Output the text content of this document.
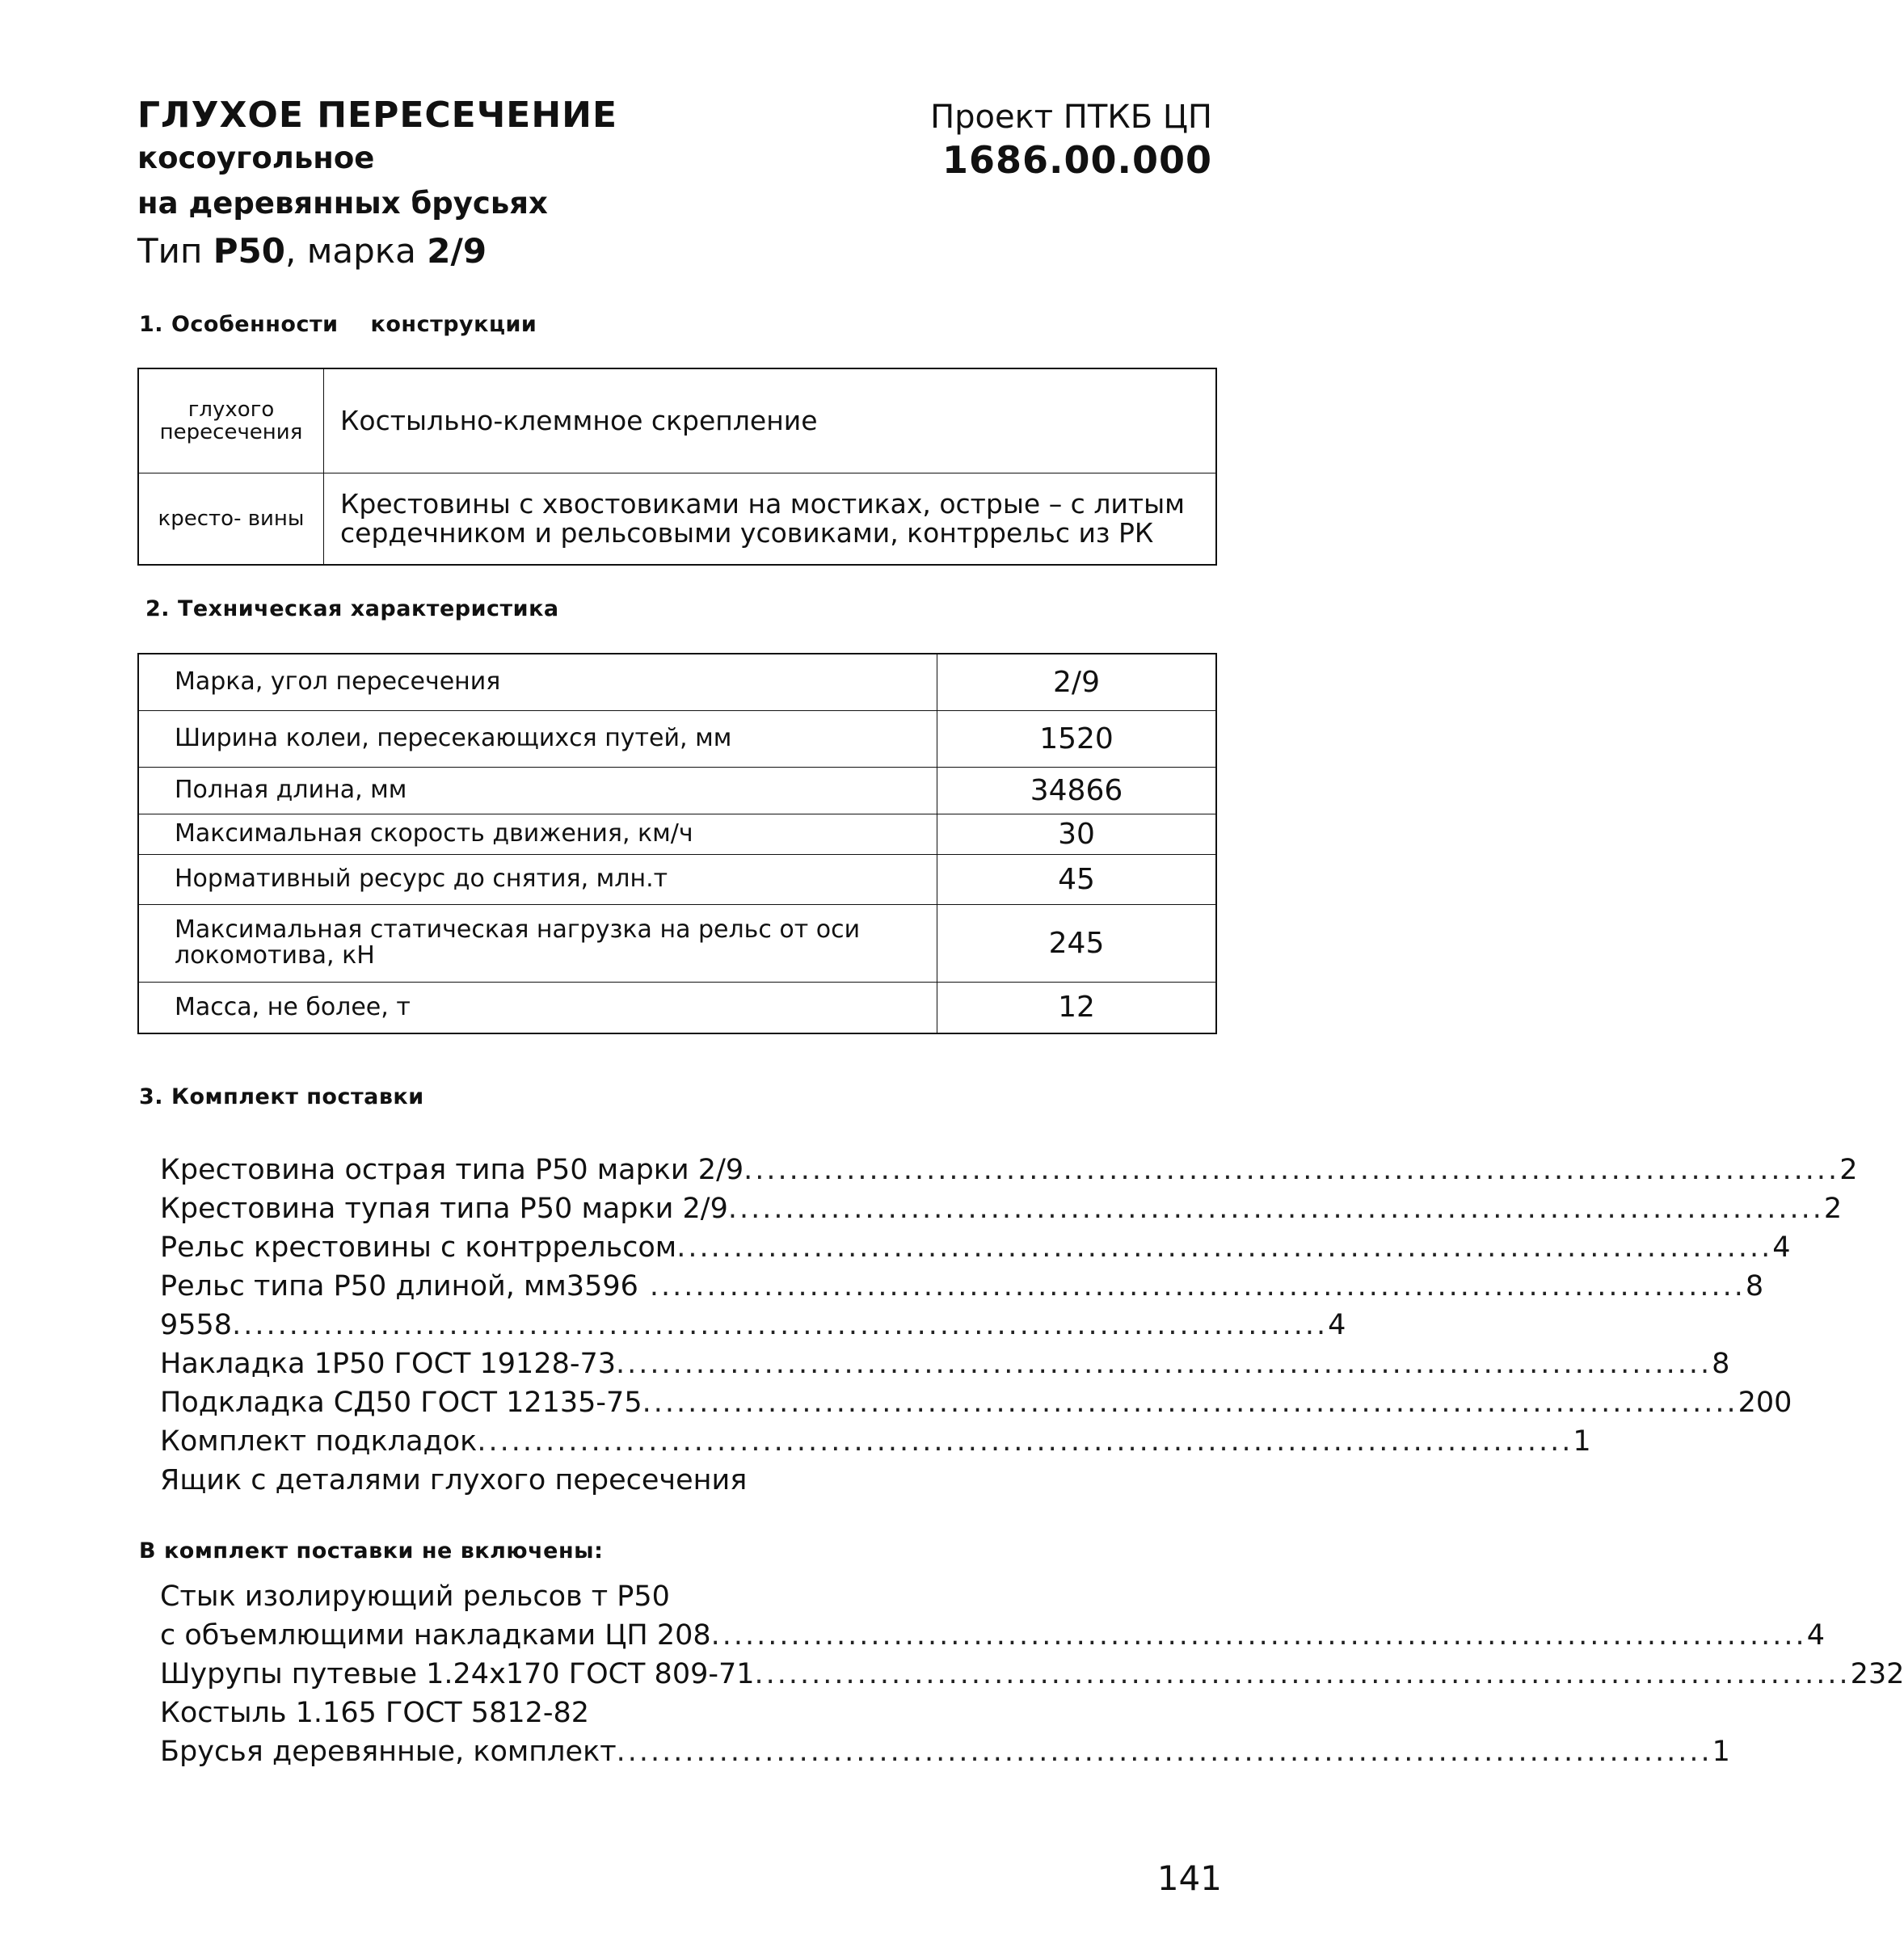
ГЛУХОЕ ПЕРЕСЕЧЕНИЕ
косоугольное
на деревянных брусьях
Тип Р50, марка 2/9
Проект ПТКБ ЦП
1686.00.000
1. Особенности конструкции
глухого пересечения	Костыльно-клеммное скрепление
кресто- вины	Крестовины с хвостовиками на мостиках, острые – с литым сердечником и рельсовыми усовиками, контррельс из РК
2. Техническая характеристика
Марка, угол пересечения	2/9
Ширина колеи, пересекающихся путей, мм	1520
Полная длина, мм	34866
Максимальная скорость движения, км/ч	30
Нормативный ресурс до снятия, млн.т	45
Максимальная статическая нагрузка на рельс от оси локомотива, кН	245
Масса, не более, т	12
3. Комплект поставки
Крестовина острая типа Р50 марки 2/9 ................................................................................................ 2
Крестовина тупая типа Р50 марки 2/9 ................................................................................................ 2
Рельс крестовины с контррельсом ................................................................................................ 4
Рельс типа Р50 длиной, мм 3596 ................................................................................................ 8
9558 ................................................................................................ 4
Накладка 1Р50 ГОСТ 19128-73 ................................................................................................ 8
Подкладка СД50 ГОСТ 12135-75 ................................................................................................ 200
Комплект подкладок ................................................................................................ 1
Ящик с деталями глухого пересечения
В комплект поставки не включены:
Стык изолирующий рельсов т Р50
с объемлющими накладками ЦП 208 ................................................................................................ 4
Шурупы путевые 1.24х170 ГОСТ 809-71 ................................................................................................ 232
Костыль 1.165 ГОСТ 5812-82
Брусья деревянные, комплект ................................................................................................ 1
141
